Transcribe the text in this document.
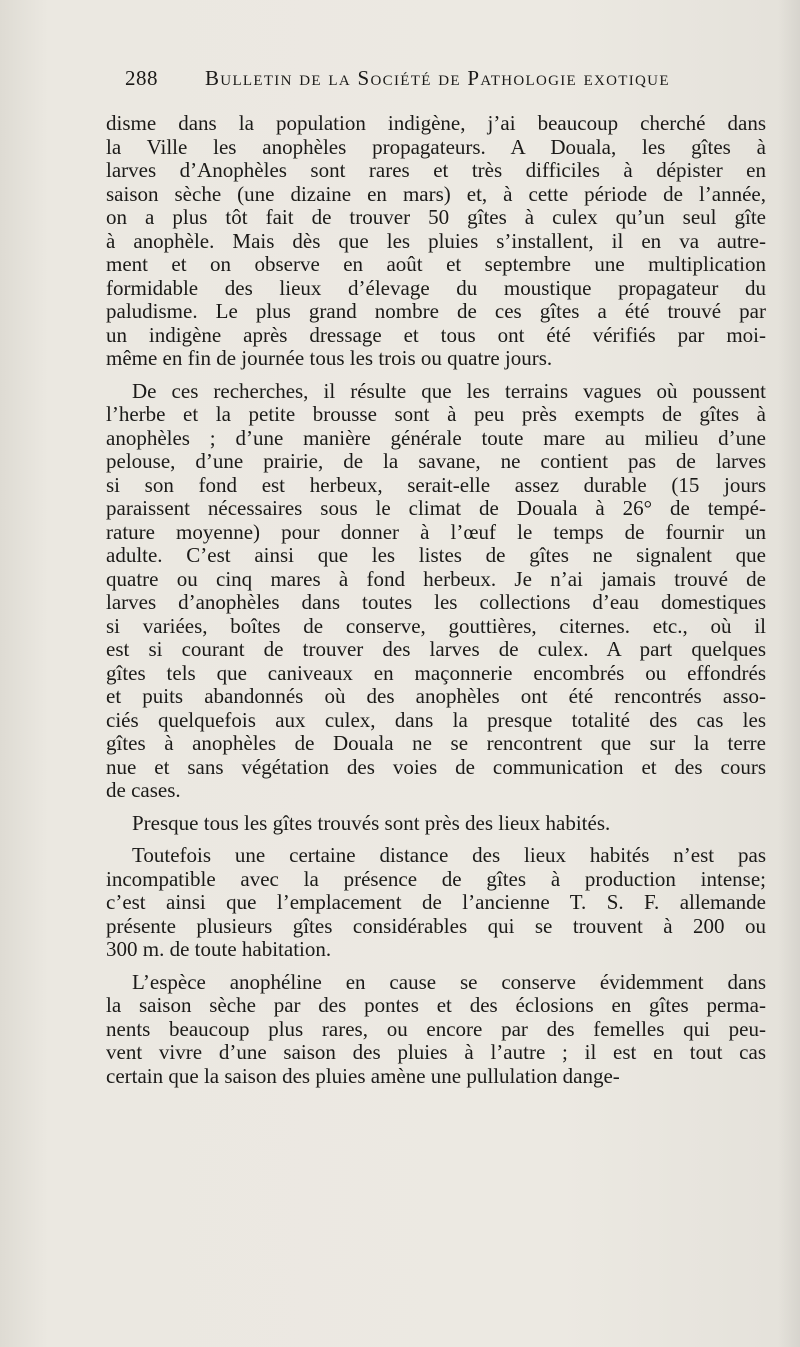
288 Bulletin de la Société de Pathologie exotique
disme dans la population indigène, j’ai beaucoup cherché dans
la Ville les anophèles propagateurs. A Douala, les gîtes à
larves d’Anophèles sont rares et très difficiles à dépister en
saison sèche (une dizaine en mars) et, à cette période de l’année,
on a plus tôt fait de trouver 50 gîtes à culex qu’un seul gîte
à anophèle. Mais dès que les pluies s’installent, il en va autre-
ment et on observe en août et septembre une multiplication
formidable des lieux d’élevage du moustique propagateur du
paludisme. Le plus grand nombre de ces gîtes a été trouvé par
un indigène après dressage et tous ont été vérifiés par moi-
même en fin de journée tous les trois ou quatre jours.
De ces recherches, il résulte que les terrains vagues où poussent
l’herbe et la petite brousse sont à peu près exempts de gîtes à
anophèles ; d’une manière générale toute mare au milieu d’une
pelouse, d’une prairie, de la savane, ne contient pas de larves
si son fond est herbeux, serait-elle assez durable (15 jours
paraissent nécessaires sous le climat de Douala à 26° de tempé-
rature moyenne) pour donner à l’œuf le temps de fournir un
adulte. C’est ainsi que les listes de gîtes ne signalent que
quatre ou cinq mares à fond herbeux. Je n’ai jamais trouvé de
larves d’anophèles dans toutes les collections d’eau domestiques
si variées, boîtes de conserve, gouttières, citernes. etc., où il
est si courant de trouver des larves de culex. A part quelques
gîtes tels que caniveaux en maçonnerie encombrés ou effondrés
et puits abandonnés où des anophèles ont été rencontrés asso-
ciés quelquefois aux culex, dans la presque totalité des cas les
gîtes à anophèles de Douala ne se rencontrent que sur la terre
nue et sans végétation des voies de communication et des cours
de cases.
Presque tous les gîtes trouvés sont près des lieux habités.
Toutefois une certaine distance des lieux habités n’est pas
incompatible avec la présence de gîtes à production intense;
c’est ainsi que l’emplacement de l’ancienne T. S. F. allemande
présente plusieurs gîtes considérables qui se trouvent à 200 ou
300 m. de toute habitation.
L’espèce anophéline en cause se conserve évidemment dans
la saison sèche par des pontes et des éclosions en gîtes perma-
nents beaucoup plus rares, ou encore par des femelles qui peu-
vent vivre d’une saison des pluies à l’autre ; il est en tout cas
certain que la saison des pluies amène une pullulation dange-
